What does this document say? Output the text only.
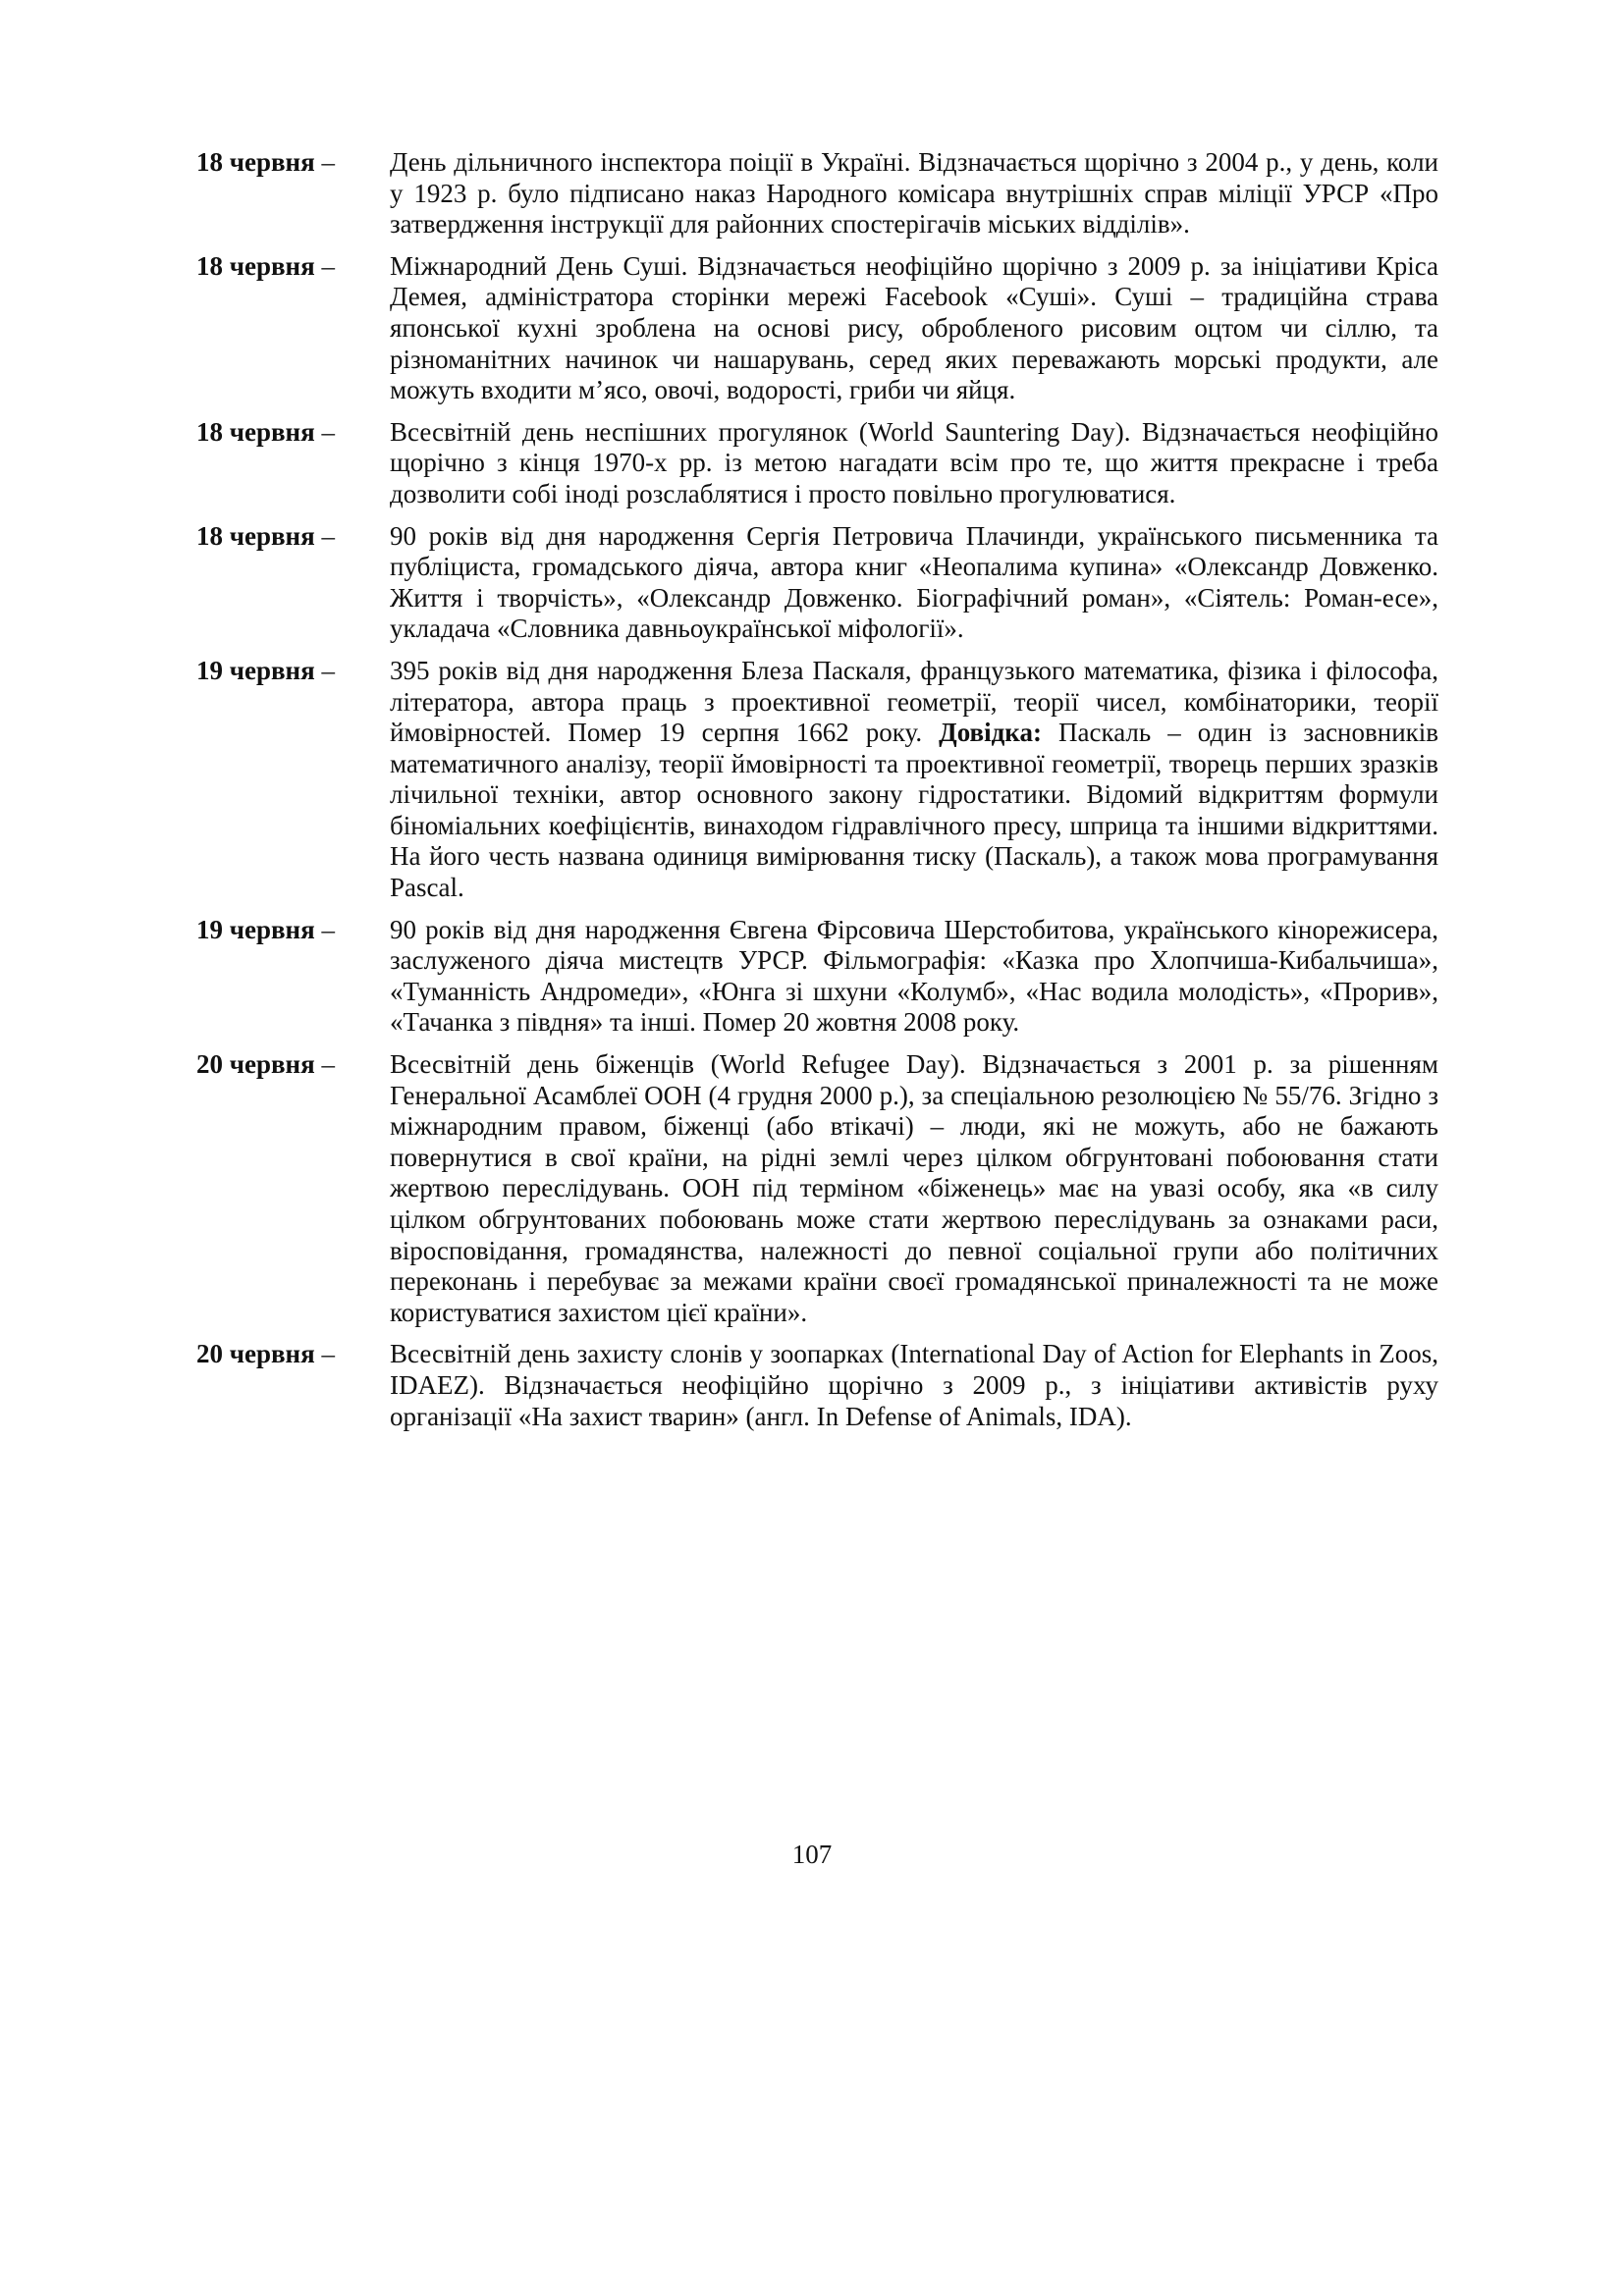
18 червня – День дільничного інспектора поіції в Україні. Відзначається щорічно з 2004 р., у день, коли у 1923 р. було підписано наказ Народного комісара внутрішніх справ міліції УРСР «Про затвердження інструкції для районних спостерігачів міських відділів».
18 червня – Міжнародний День Суші. Відзначається неофіційно щорічно з 2009 р. за ініціативи Кріса Демея, адміністратора сторінки мережі Facebook «Суші». Суші – традиційна страва японської кухні зроблена на основі рису, обробленого рисовим оцтом чи сіллю, та різноманітних начинок чи нашарувань, серед яких переважають морські продукти, але можуть входити м’ясо, овочі, водорості, гриби чи яйця.
18 червня – Всесвітній день неспішних прогулянок (World Sauntering Day). Відзначається неофіційно щорічно з кінця 1970-х рр. із метою нагадати всім про те, що життя прекрасне і треба дозволити собі іноді розслаблятися і просто повільно прогулюватися.
18 червня – 90 років від дня народження Сергія Петровича Плачинди, українського письменника та публіциста, громадського діяча, автора книг «Неопалима купина» «Олександр Довженко. Життя і творчість», «Олександр Довженко. Біографічний роман», «Сіятель: Роман-есе», укладача «Словника давньоукраїнської міфології».
19 червня – 395 років від дня народження Блеза Паскаля, французького математика, фізика і філософа, літератора, автора праць з проективної геометрії, теорії чисел, комбінаторики, теорії ймовірностей. Помер 19 серпня 1662 року. Довідка: Паскаль – один із засновників математичного аналізу, теорії ймовірності та проективної геометрії, творець перших зразків лічильної техніки, автор основного закону гідростатики. Відомий відкриттям формули біноміальних коефіцієнтів, винаходом гідравлічного пресу, шприца та іншими відкриттями. На його честь названа одиниця вимірювання тиску (Паскаль), а також мова програмування Pascal.
19 червня – 90 років від дня народження Євгена Фірсовича Шерстобитова, українського кінорежисера, заслуженого діяча мистецтв УРСР. Фільмографія: «Казка про Хлопчиша-Кибальчиша», «Туманність Андромеди», «Юнга зі шхуни «Колумб», «Нас водила молодість», «Прорив», «Тачанка з півдня» та інші. Помер 20 жовтня 2008 року.
20 червня – Всесвітній день біженців (World Refugee Day). Відзначається з 2001 р. за рішенням Генеральної Асамблеї ООН (4 грудня 2000 р.), за спеціальною резолюцією № 55/76. Згідно з міжнародним правом, біженці (або втікачі) – люди, які не можуть, або не бажають повернутися в свої країни, на рідні землі через цілком обгрунтовані побоювання стати жертвою переслідувань. ООН під терміном «біженець» має на увазі особу, яка «в силу цілком обгрунтованих побоювань може стати жертвою переслідувань за ознаками раси, віросповідання, громадянства, належності до певної соціальної групи або політичних переконань і перебуває за межами країни своєї громадянської приналежності та не може користуватися захистом цієї країни».
20 червня – Всесвітній день захисту слонів у зоопарках (International Day of Action for Elephants in Zoos, IDAEZ). Відзначається неофіційно щорічно з 2009 р., з ініціативи активістів руху організації «На захист тварин» (англ. In Defense of Animals, IDA).
107
